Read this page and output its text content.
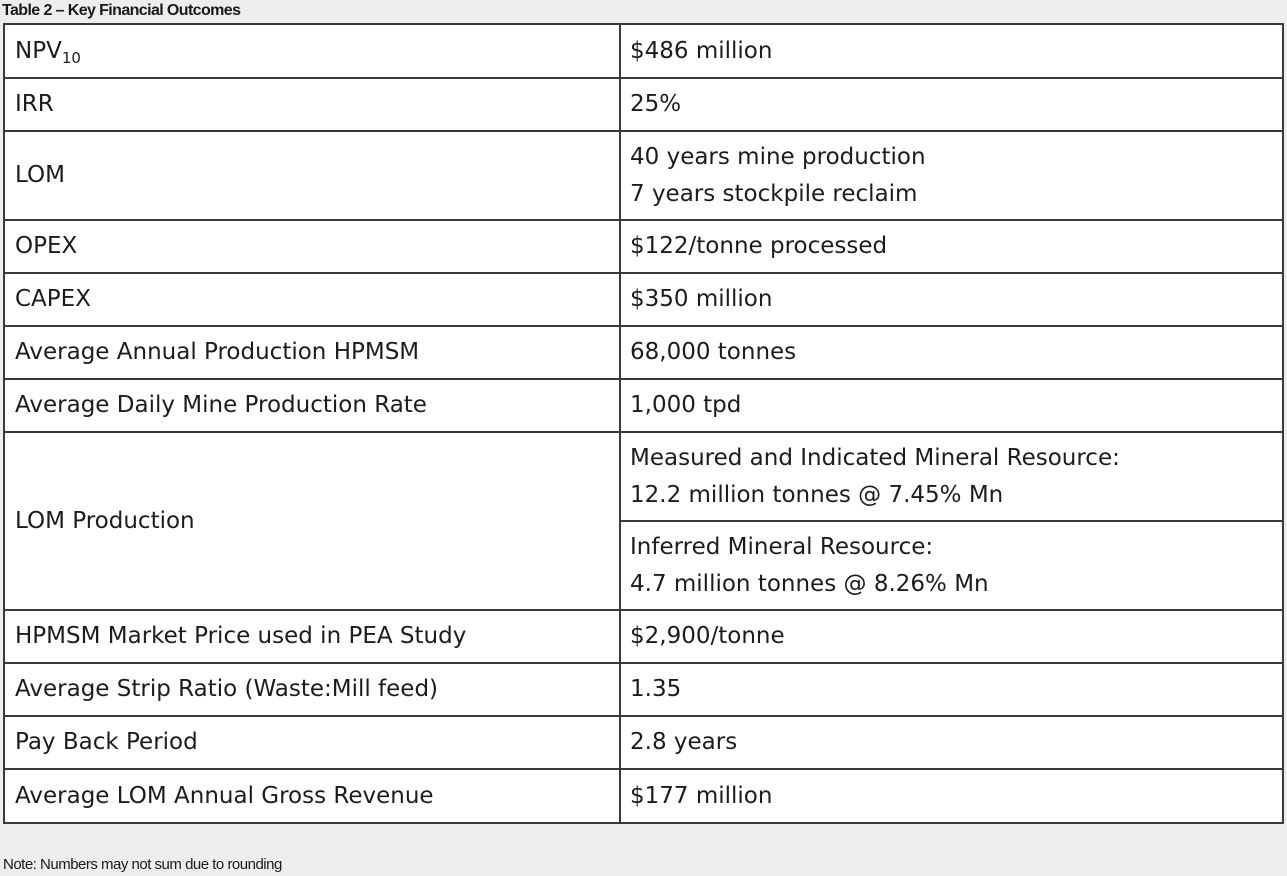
Table 2 – Key Financial Outcomes
$NPV_{10}$	$486 million
IRR	25%
LOM	40 years mine production
7 years stockpile reclaim

OPEX	$122/tonne processed
CAPEX	$350 million
Average Annual Production HPMSM	68,000 tonnes
Average Daily Mine Production Rate	1,000 tpd
LOM Production	Measured and Indicated Mineral Resource:
12.2 million tonnes @ 7.45% Mn

	Inferred Mineral Resource:
4.7 million tonnes @ 8.26% Mn

HPMSM Market Price used in PEA Study	$2,900/tonne
Average Strip Ratio (Waste:Mill feed)	1.35
Pay Back Period	2.8 years
Average LOM Annual Gross Revenue	$177 million
Note: Numbers may not sum due to rounding
